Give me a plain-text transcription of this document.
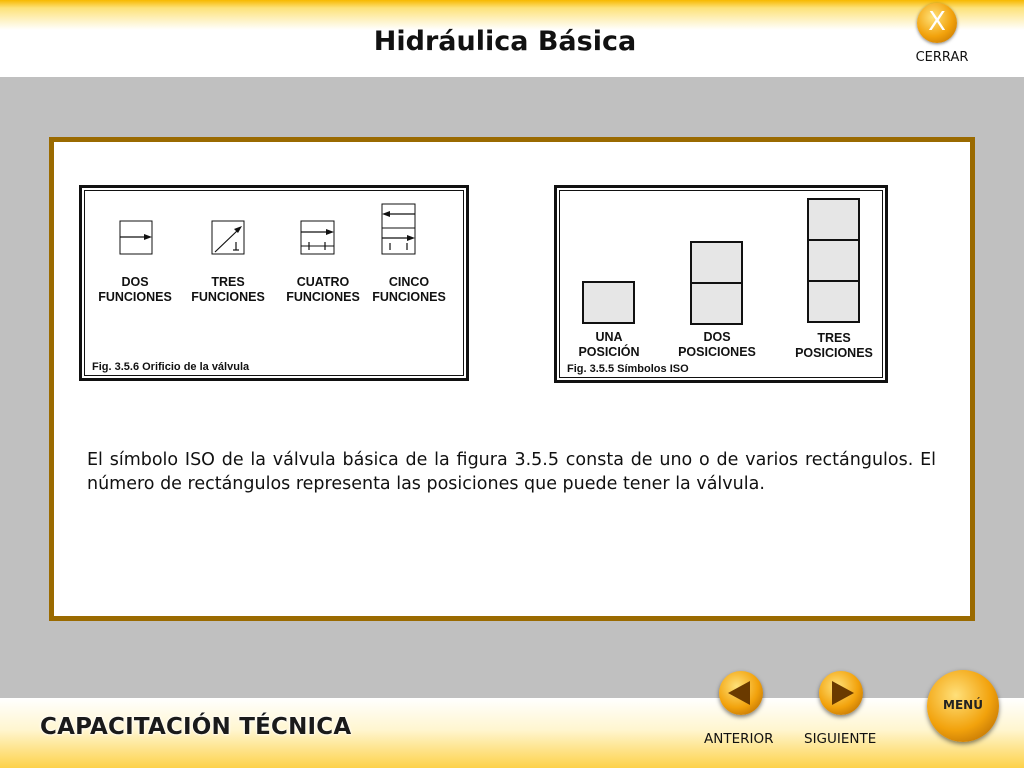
Hidráulica Básica
X
CERRAR
DOS
FUNCIONES
TRES
FUNCIONES
CUATRO
FUNCIONES
CINCO
FUNCIONES
Fig. 3.5.6 Orificio de la válvula
UNA
POSICIÓN
DOS
POSICIONES
TRES
POSICIONES
Fig. 3.5.5 Símbolos ISO
El símbolo ISO de la válvula básica de la figura 3.5.5 consta de uno o de varios rectángulos. El número de rectángulos representa las posiciones que puede tener la válvula.
CAPACITACIÓN TÉCNICA	ANTERIOR SIGUIENTE
MENÚ
